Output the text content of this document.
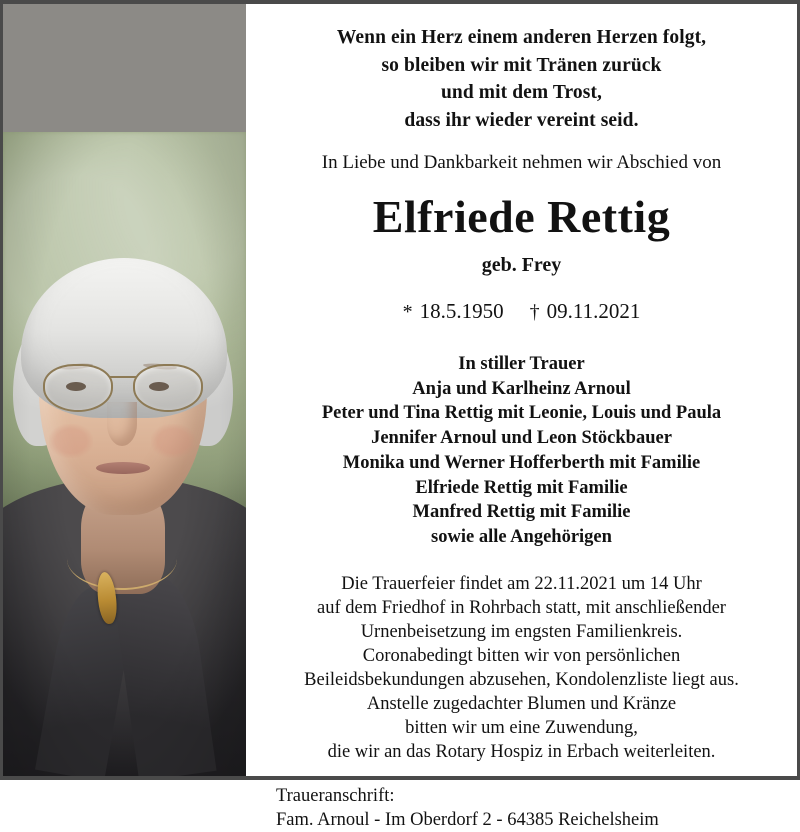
Wenn ein Herz einem anderen Herzen folgt,
so bleiben wir mit Tränen zurück
und mit dem Trost,
dass ihr wieder vereint seid.
In Liebe und Dankbarkeit nehmen wir Abschied von
Elfriede Rettig
geb. Frey
* 18.5.1950 † 09.11.2021
In stiller Trauer
Anja und Karlheinz Arnoul
Peter und Tina Rettig mit Leonie, Louis und Paula
Jennifer Arnoul und Leon Stöckbauer
Monika und Werner Hofferberth mit Familie
Elfriede Rettig mit Familie
Manfred Rettig mit Familie
sowie alle Angehörigen
Die Trauerfeier findet am 22.11.2021 um 14 Uhr
auf dem Friedhof in Rohrbach statt, mit anschließender
Urnenbeisetzung im engsten Familienkreis.
Coronabedingt bitten wir von persönlichen
Beileidsbekundungen abzusehen, Kondolenzliste liegt aus.
Anstelle zugedachter Blumen und Kränze
bitten wir um eine Zuwendung,
die wir an das Rotary Hospiz in Erbach weiterleiten.
Traueranschrift:
Fam. Arnoul - Im Oberdorf 2 - 64385 Reichelsheim
